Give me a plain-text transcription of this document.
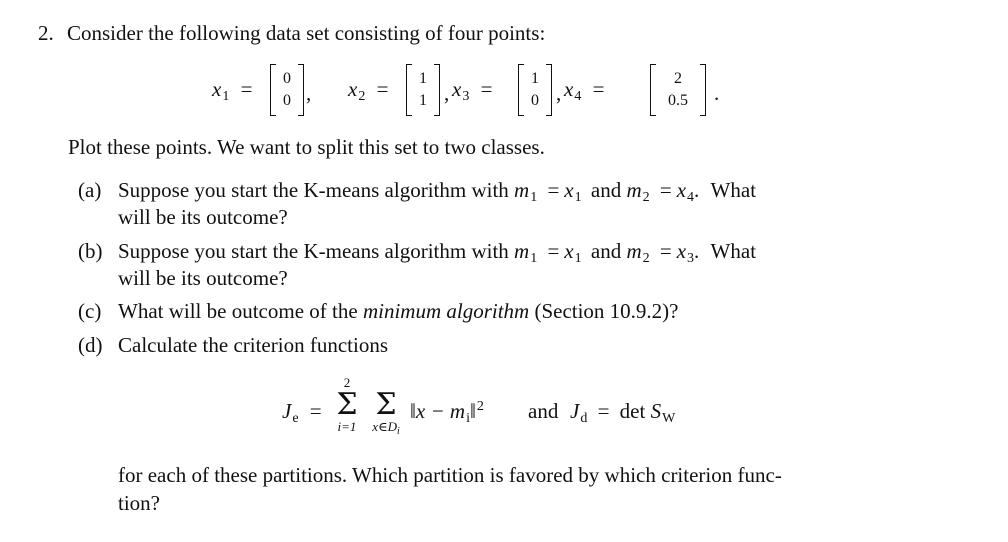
2. Consider the following data set consisting of four points:
x1 =	0
0 , x2 =	1
1 , x3 =	1
0 , x4 =	2
0.5	.
Plot these points. We want to split this set to two classes.
(a) Suppose you start the K-means algorithm with m1 = x1 and m2 = x4. What
will be its outcome?
(b) Suppose you start the K-means algorithm with m1 = x1 and m2 = x3. What
will be its outcome?
(c) What will be outcome of the minimum algorithm (Section 10.9.2)?
(d) Calculate the criterion functions
Je =
2
Σ
i=1
Σ
$x\in D_i$
‖x − mi‖$^2$ and Jd = det SW
for each of these partitions. Which partition is favored by which criterion func-
tion?
